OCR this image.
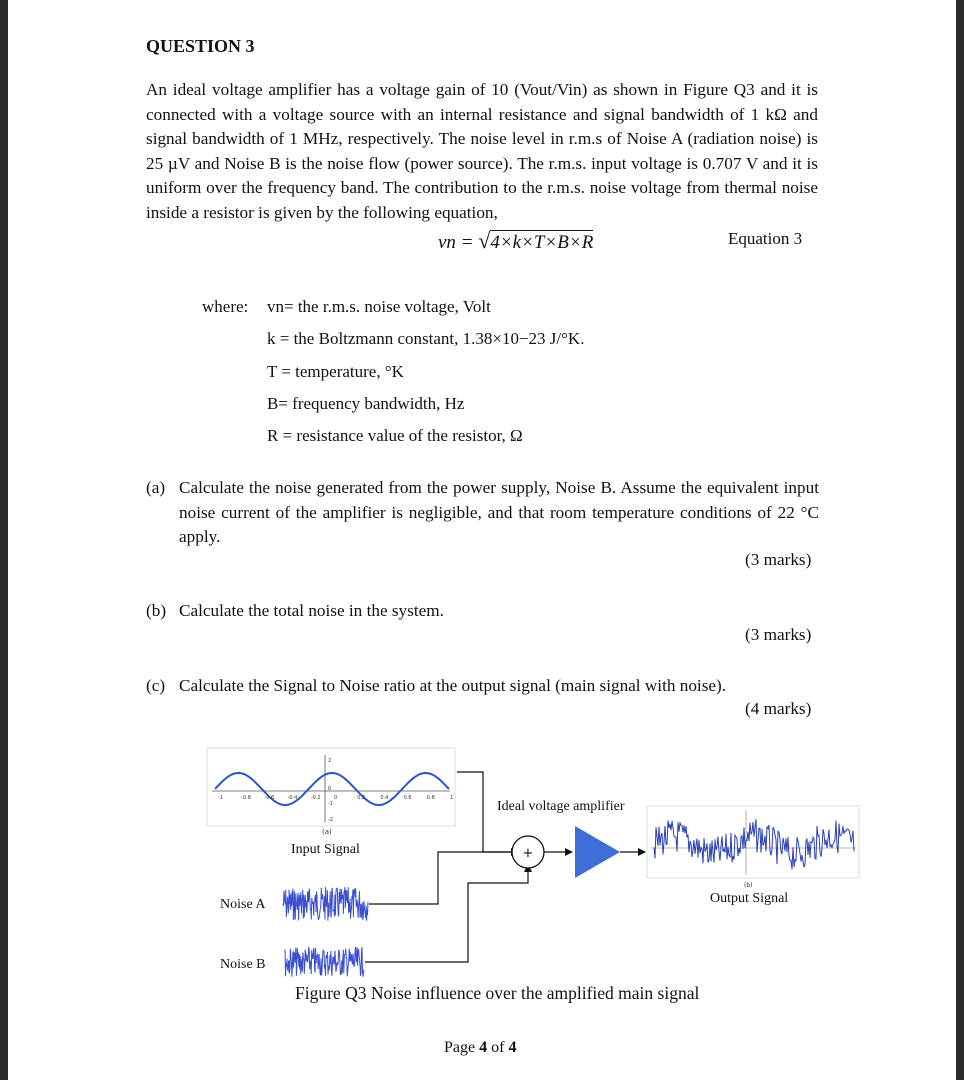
QUESTION 3
An ideal voltage amplifier has a voltage gain of 10 (Vout/Vin) as shown in Figure Q3 and it is connected with a voltage source with an internal resistance and signal bandwidth of 1 kΩ and signal bandwidth of 1 MHz, respectively. The noise level in r.m.s of Noise A (radiation noise) is 25 µV and Noise B is the noise flow (power source). The r.m.s. input voltage is 0.707 V and it is uniform over the frequency band. The contribution to the r.m.s. noise voltage from thermal noise inside a resistor is given by the following equation,
vn = √4×k×T×B×R	Equation 3
where: vn= the r.m.s. noise voltage, Volt
k = the Boltzmann constant, 1.38×10−23 J/°K.
T = temperature, °K
B= frequency bandwidth, Hz
R = resistance value of the resistor, Ω
(a) Calculate the noise generated from the power supply, Noise B. Assume the equivalent input noise current of the amplifier is negligible, and that room temperature conditions of 22 °C apply.
(3 marks)
(b) Calculate the total noise in the system.
(3 marks)
(c) Calculate the Signal to Noise ratio at the output signal (main signal with noise).
(4 marks)
-1	-0.8	-0.6	-0.4	-0.2	0	0.2	0.4	0.6	0.8	1
2
0
-1
-2
(a)
Input Signal
Noise A
Noise B
+
Ideal voltage amplifier
(b)
Output Signal
Figure Q3 Noise influence over the amplified main signal
Page 4 of 4
